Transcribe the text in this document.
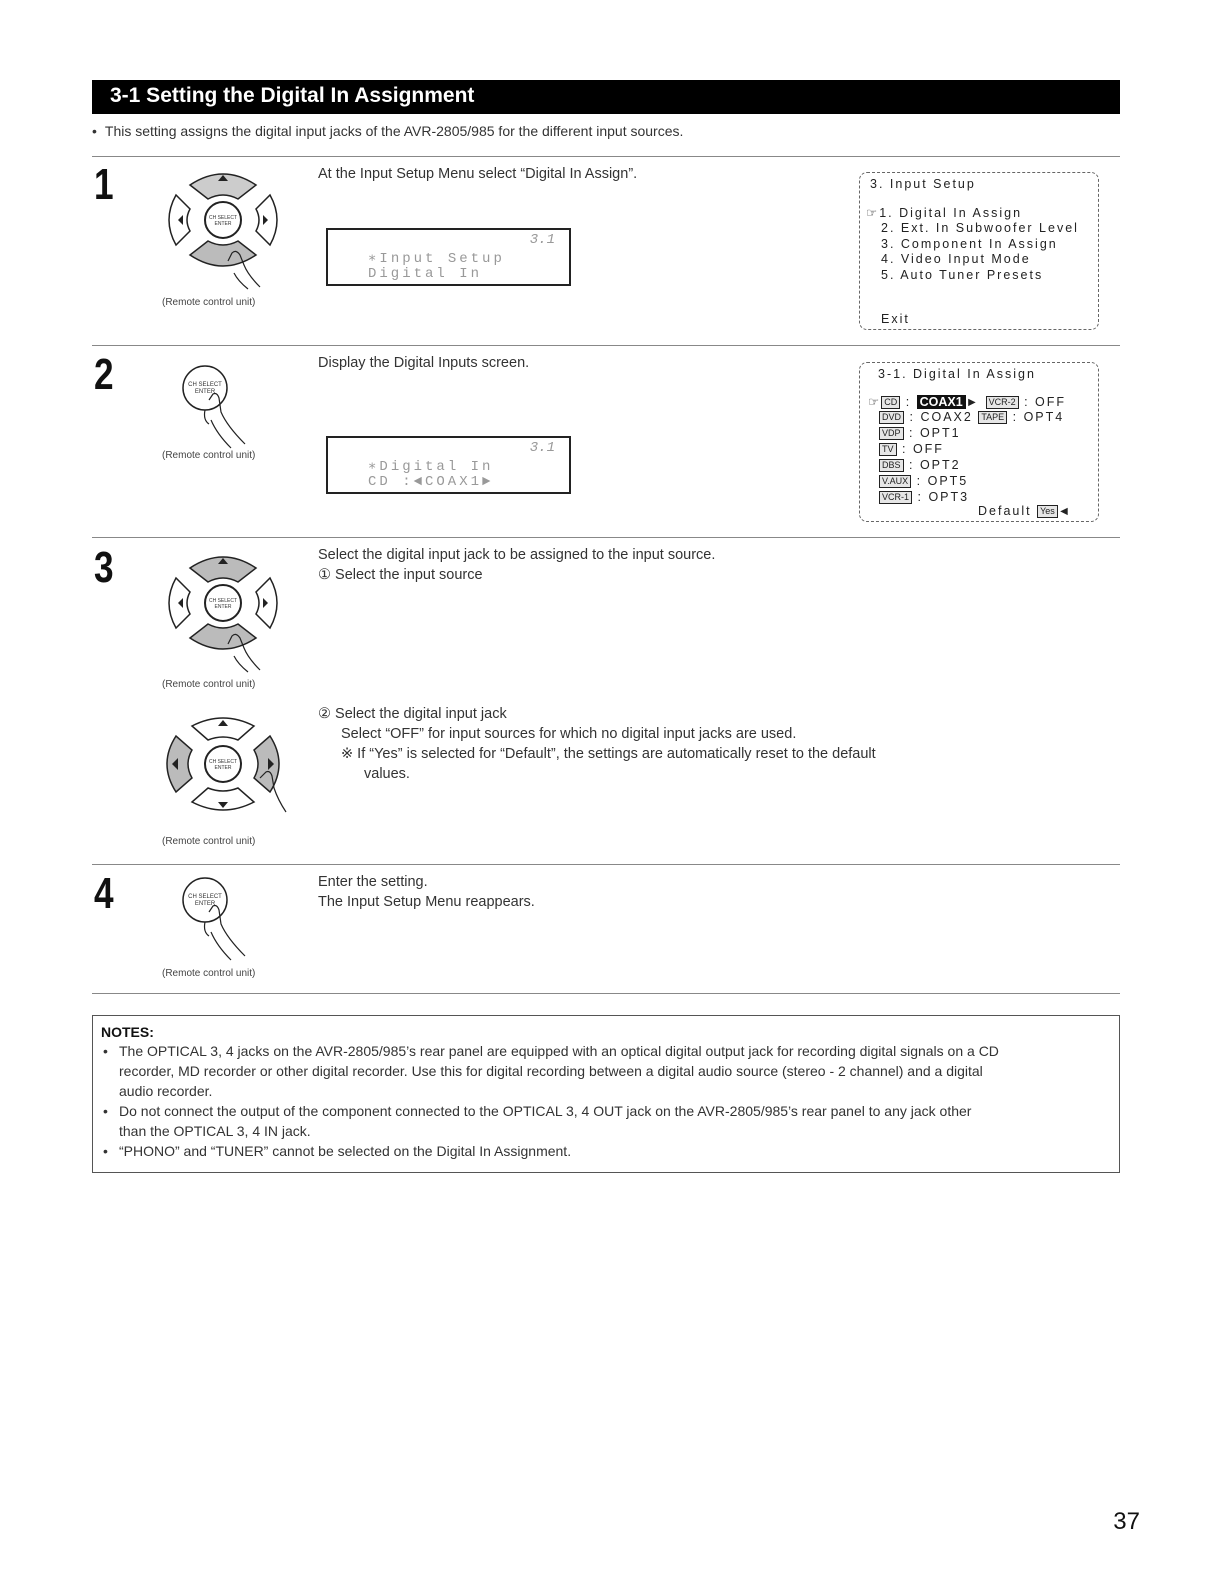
3-1 Setting the Digital In Assignment
• This setting assigns the digital input jacks of the AVR-2805/985 for the different input sources.
1
CH SELECT
ENTER
(Remote control unit)
At the Input Setup Menu select “Digital In Assign”.
3.1
∗Input Setup
Digital In
3. Input Setup
☞1. Digital In Assign
2. Ext. In Subwoofer Level
3. Component In Assign
4. Video Input Mode
5. Auto Tuner Presets
Exit
2	CH SELECT
ENTER
(Remote control unit)
Display the Digital Inputs screen.
3.1
∗Digital In
CD :◄COAX1►
3-1. Digital In Assign
☞ CD : COAX1 ► VCR-2 : OFF
DVD : COAX2 TAPE : OPT4
VDP : OPT1
TV : OFF
DBS : OPT2
V.AUX : OPT5
VCR-1 : OPT3
Default Yes ◄
3
CH SELECT
ENTER
(Remote control unit)
Select the digital input jack to be assigned to the input source.
① Select the input source
CH SELECT
ENTER
(Remote control unit)
② Select the digital input jack
Select “OFF” for input sources for which no digital input jacks are used.
※ If “Yes” is selected for “Default”, the settings are automatically reset to the default
values.
4	CH SELECT
ENTER
(Remote control unit)
Enter the setting.
The Input Setup Menu reappears.
NOTES:
• The OPTICAL 3, 4 jacks on the AVR-2805/985’s rear panel are equipped with an optical digital output jack for recording digital signals on a CD
recorder, MD recorder or other digital recorder. Use this for digital recording between a digital audio source (stereo - 2 channel) and a digital
audio recorder.
• Do not connect the output of the component connected to the OPTICAL 3, 4 OUT jack on the AVR-2805/985’s rear panel to any jack other
than the OPTICAL 3, 4 IN jack.
• “PHONO” and “TUNER” cannot be selected on the Digital In Assignment.
37
